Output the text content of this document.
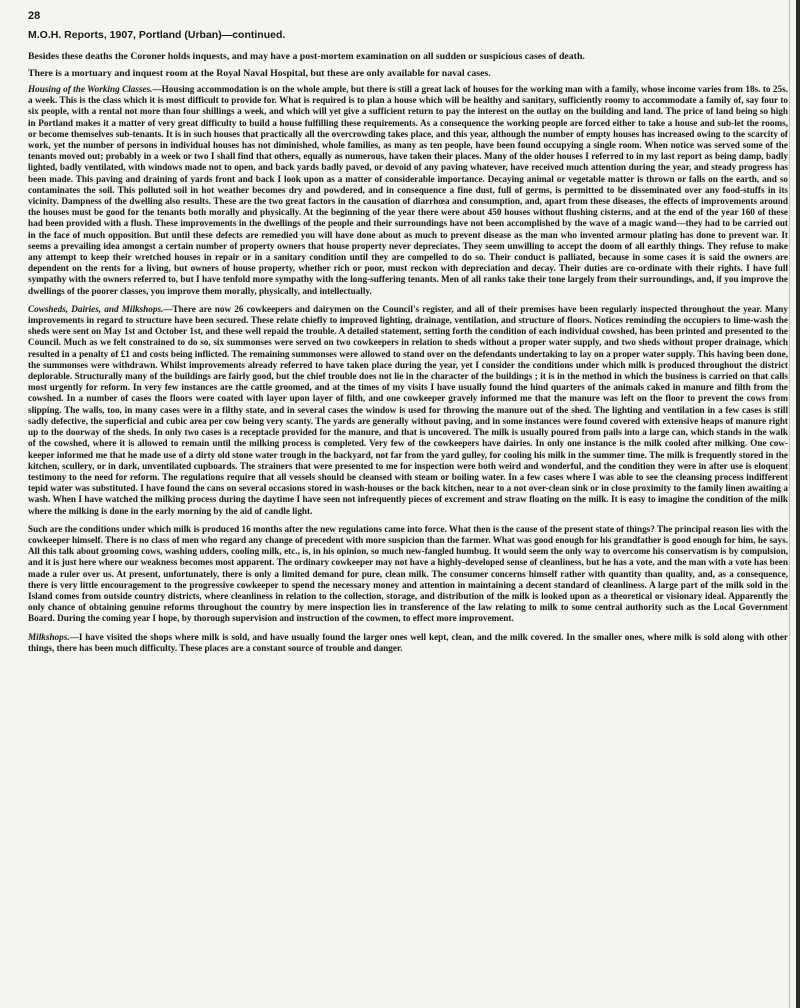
28
M.O.H. Reports, 1907, Portland (Urban)—continued.

Besides these deaths the Coroner holds inquests, and may have a post-mortem examination on all sudden or suspicious cases of death.

There is a mortuary and inquest room at the Royal Naval Hospital, but these are only available for naval cases.

Housing of the Working Classes.—Housing accommodation is on the whole ample, but there is still a great lack of houses for the working man with a family, whose income varies from 18s. to 25s. a week. This is the class which it is most difficult to provide for. What is required is to plan a house which will be healthy and sanitary, sufficiently roomy to accommodate a family of, say four to six people, with a rental not more than four shillings a week, and which will yet give a sufficient return to pay the interest on the outlay on the building and land. The price of land being so high in Portland makes it a matter of very great difficulty to build a house fulfilling these requirements. As a consequence the working people are forced either to take a house and sub-let the rooms, or become themselves sub-tenants. It is in such houses that practically all the overcrowding takes place, and this year, although the number of empty houses has increased owing to the scarcity of work, yet the number of persons in individual houses has not diminished, whole families, as many as ten people, have been found occupying a single room. When notice was served some of the tenants moved out; probably in a week or two I shall find that others, equally as numerous, have taken their places. Many of the older houses I referred to in my last report as being damp, badly lighted, badly ventilated, with windows made not to open, and back yards badly paved, or devoid of any paving whatever, have received much attention during the year, and steady progress has been made. This paving and draining of yards front and back I look upon as a matter of considerable importance. Decaying animal or vegetable matter is thrown or falls on the earth, and so contaminates the soil. This polluted soil in hot weather becomes dry and powdered, and in consequence a fine dust, full of germs, is permitted to be disseminated over any food-stuffs in its vicinity. Dampness of the dwelling also results. These are the two great factors in the causation of diarrhœa and consumption, and, apart from these diseases, the effects of improvements around the houses must be good for the tenants both morally and physically. At the beginning of the year there were about 450 houses without flushing cisterns, and at the end of the year 160 of these had been provided with a flush. These improvements in the dwellings of the people and their surroundings have not been accomplished by the wave of a magic wand—they had to be carried out in the face of much opposition. But until these defects are remedied you will have done about as much to prevent disease as the man who invented armour plating has done to prevent war. It seems a prevailing idea amongst a certain number of property owners that house property never depreciates. They seem unwilling to accept the doom of all earthly things. They refuse to make any attempt to keep their wretched houses in repair or in a sanitary condition until they are compelled to do so. Their conduct is palliated, because in some cases it is said the owners are dependent on the rents for a living, but owners of house property, whether rich or poor, must reckon with depreciation and decay. Their duties are co-ordinate with their rights. I have full sympathy with the owners referred to, but I have tenfold more sympathy with the long-suffering tenants. Men of all ranks take their tone largely from their surroundings, and, if you improve the dwellings of the poorer classes, you improve them morally, physically, and intellectually.

Cowsheds, Dairies, and Milkshops.—There are now 26 cowkeepers and dairymen on the Council's register, and all of their premises have been regularly inspected throughout the year. Many improvements in regard to structure have been secured. These relate chiefly to improved lighting, drainage, ventilation, and structure of floors. Notices reminding the occupiers to lime-wash the sheds were sent on May 1st and October 1st, and these well repaid the trouble. A detailed statement, setting forth the condition of each individual cowshed, has been printed and presented to the Council. Much as we felt constrained to do so, six summonses were served on two cowkeepers in relation to sheds without a proper water supply, and two sheds without proper drainage, which resulted in a penalty of £1 and costs being inflicted. The remaining summonses were allowed to stand over on the defendants undertaking to lay on a proper water supply. This having been done, the summonses were withdrawn. Whilst improvements already referred to have taken place during the year, yet I consider the conditions under which milk is produced throughout the district deplorable. Structurally many of the buildings are fairly good, but the chief trouble does not lie in the character of the buildings ; it is in the method in which the business is carried on that calls most urgently for reform. In very few instances are the cattle groomed, and at the times of my visits I have usually found the hind quarters of the animals caked in manure and filth from the cowshed. In a number of cases the floors were coated with layer upon layer of filth, and one cowkeeper gravely informed me that the manure was left on the floor to prevent the cows from slipping. The walls, too, in many cases were in a filthy state, and in several cases the window is used for throwing the manure out of the shed. The lighting and ventilation in a few cases is still sadly defective, the superficial and cubic area per cow being very scanty. The yards are generally without paving, and in some instances were found covered with extensive heaps of manure right up to the doorway of the sheds. In only two cases is a receptacle provided for the manure, and that is uncovered. The milk is usually poured from pails into a large can, which stands in the walk of the cowshed, where it is allowed to remain until the milking process is completed. Very few of the cowkeepers have dairies. In only one instance is the milk cooled after milking. One cow-keeper informed me that he made use of a dirty old stone water trough in the backyard, not far from the yard gulley, for cooling his milk in the summer time. The milk is frequently stored in the kitchen, scullery, or in dark, unventilated cupboards. The strainers that were presented to me for inspection were both weird and wonderful, and the condition they were in after use is eloquent testimony to the need for reform. The regulations require that all vessels should be cleansed with steam or boiling water. In a few cases where I was able to see the cleansing process indifferent tepid water was substituted. I have found the cans on several occasions stored in wash-houses or the back kitchen, near to a not over-clean sink or in close proximity to the family linen awaiting a wash. When I have watched the milking process during the daytime I have seen not infrequently pieces of excrement and straw floating on the milk. It is easy to imagine the condition of the milk where the milking is done in the early morning by the aid of candle light.

Such are the conditions under which milk is produced 16 months after the new regulations came into force. What then is the cause of the present state of things? The principal reason lies with the cowkeeper himself. There is no class of men who regard any change of precedent with more suspicion than the farmer. What was good enough for his grandfather is good enough for him, he says. All this talk about grooming cows, washing udders, cooling milk, etc., is, in his opinion, so much new-fangled humbug. It would seem the only way to overcome his conservatism is by compulsion, and it is just here where our weakness becomes most apparent. The ordinary cowkeeper may not have a highly-developed sense of cleanliness, but he has a vote, and the man with a vote has been made a ruler over us. At present, unfortunately, there is only a limited demand for pure, clean milk. The consumer concerns himself rather with quantity than quality, and, as a consequence, there is very little encouragement to the progressive cowkeeper to spend the necessary money and attention in maintaining a decent standard of cleanliness. A large part of the milk sold in the Island comes from outside country districts, where cleanliness in relation to the collection, storage, and distribution of the milk is looked upon as a theoretical or visionary ideal. Apparently the only chance of obtaining genuine reforms throughout the country by mere inspection lies in transference of the law relating to milk to some central authority such as the Local Government Board. During the coming year I hope, by thorough supervision and instruction of the cowmen, to effect more improvement.

Milkshops.—I have visited the shops where milk is sold, and have usually found the larger ones well kept, clean, and the milk covered. In the smaller ones, where milk is sold along with other things, there has been much difficulty. These places are a constant source of trouble and danger.
